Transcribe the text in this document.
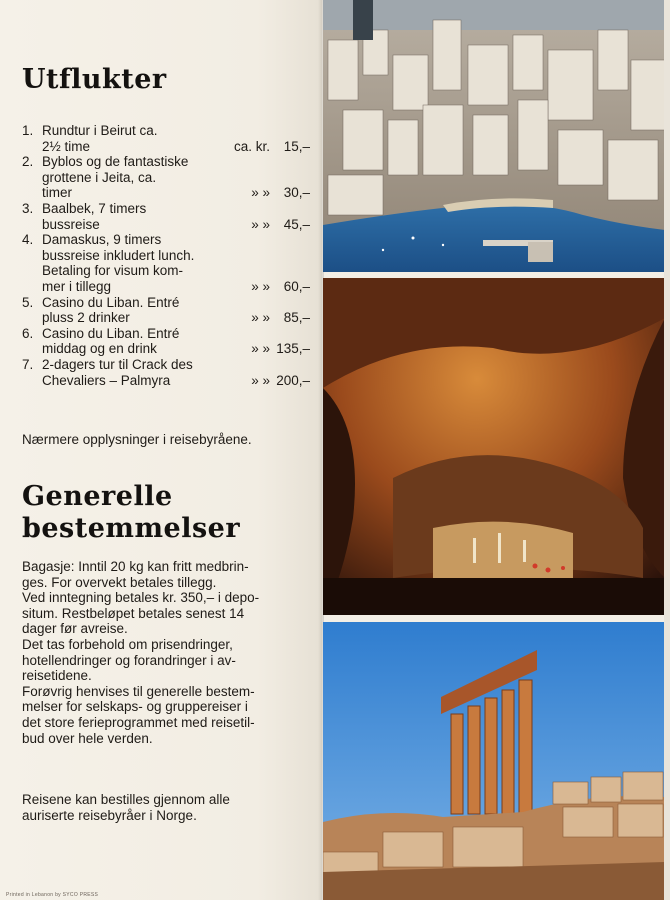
Utflukter
1. Rundtur i Beirut ca.
2½ time	ca. kr. 15,–
2. Byblos og de fantastiske
grottene i Jeita, ca.
timer	» » 30,–
3. Baalbek, 7 timers
bussreise	» » 45,–
4. Damaskus, 9 timers
bussreise inkludert lunch.
Betaling for visum kom-
mer i tillegg	» » 60,–
5. Casino du Liban. Entré
pluss 2 drinker	» » 85,–
6. Casino du Liban. Entré
middag og en drink	» » 135,–
7. 2-dagers tur til Crack des
Chevaliers – Palmyra	» » 200,–

Nærmere opplysninger i reisebyråene.

Generelle
bestemmelser
Bagasje: Inntil 20 kg kan fritt medbrin-
ges. For overvekt betales tillegg.
Ved inntegning betales kr. 350,– i depo-
situm. Restbeløpet betales senest 14
dager før avreise.
Det tas forbehold om prisendringer,
hotellendringer og forandringer i av-
reisetidene.
Forøvrig henvises til generelle bestem-
melser for selskaps- og gruppereiser i
det store ferieprogrammet med reisetil-
bud over hele verden.
Reisene kan bestilles gjennom alle
auriserte reisebyråer i Norge.
Printed in Lebanon by SYCO PRESS
